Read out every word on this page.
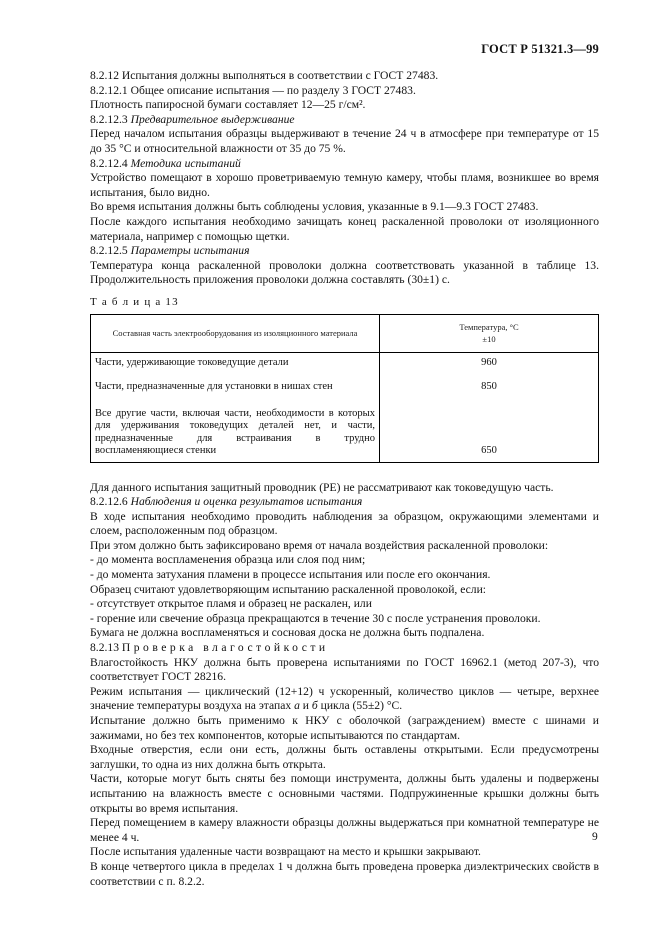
ГОСТ Р 51321.3—99

8.2.12 Испытания должны выполняться в соответствии с ГОСТ 27483.

8.2.12.1 Общее описание испытания — по разделу 3 ГОСТ 27483.

Плотность папиросной бумаги составляет 12—25 г/см².

8.2.12.3 Предварительное выдерживание

Перед началом испытания образцы выдерживают в течение 24 ч в атмосфере при температуре от 15 до 35 °С и относительной влажности от 35 до 75 %.

8.2.12.4 Методика испытаний

Устройство помещают в хорошо проветриваемую темную камеру, чтобы пламя, возникшее во время испытания, было видно.

Во время испытания должны быть соблюдены условия, указанные в 9.1—9.3 ГОСТ 27483.

После каждого испытания необходимо зачищать конец раскаленной проволоки от изоляционного материала, например с помощью щетки.

8.2.12.5 Параметры испытания

Температура конца раскаленной проволоки должна соответствовать указанной в таблице 13. Продолжительность приложения проволоки должна составлять (30±1) с.

Т а б л и ц а 13

Составная часть электрооборудования из изоляционного материала	Температура, °С
±10

Части, удерживающие токоведущие детали	960
Части, предназначенные для установки в нишах стен	850
Все другие части, включая части, необходимости в которых для удерживания токоведущих деталей нет, и части, предназначенные для встраивания в трудно воспламеняющиеся стенки	650

Для данного испытания защитный проводник (РЕ) не рассматривают как токоведущую часть.

8.2.12.6 Наблюдения и оценка результатов испытания

В ходе испытания необходимо проводить наблюдения за образцом, окружающими элементами и слоем, расположенным под образцом.

При этом должно быть зафиксировано время от начала воздействия раскаленной проволоки:

- до момента воспламенения образца или слоя под ним;

- до момента затухания пламени в процессе испытания или после его окончания.

Образец считают удовлетворяющим испытанию раскаленной проволокой, если:

- отсутствует открытое пламя и образец не раскален, или

- горение или свечение образца прекращаются в течение 30 с после устранения проволоки.

Бумага не должна воспламеняться и сосновая доска не должна быть подпалена.

8.2.13 Проверка влагостойкости

Влагостойкость НКУ должна быть проверена испытаниями по ГОСТ 16962.1 (метод 207-3), что соответствует ГОСТ 28216.

Режим испытания — циклический (12+12) ч ускоренный, количество циклов — четыре, верхнее значение температуры воздуха на этапах а и б цикла (55±2) °С.

Испытание должно быть применимо к НКУ с оболочкой (заграждением) вместе с шинами и зажимами, но без тех компонентов, которые испытываются по стандартам.

Входные отверстия, если они есть, должны быть оставлены открытыми. Если предусмотрены заглушки, то одна из них должна быть открыта.

Части, которые могут быть сняты без помощи инструмента, должны быть удалены и подвержены испытанию на влажность вместе с основными частями. Подпружиненные крышки должны быть открыты во время испытания.

Перед помещением в камеру влажности образцы должны выдержаться при комнатной температуре не менее 4 ч.

После испытания удаленные части возвращают на место и крышки закрывают.

В конце четвертого цикла в пределах 1 ч должна быть проведена проверка диэлектрических свойств в соответствии с п. 8.2.2.

9
